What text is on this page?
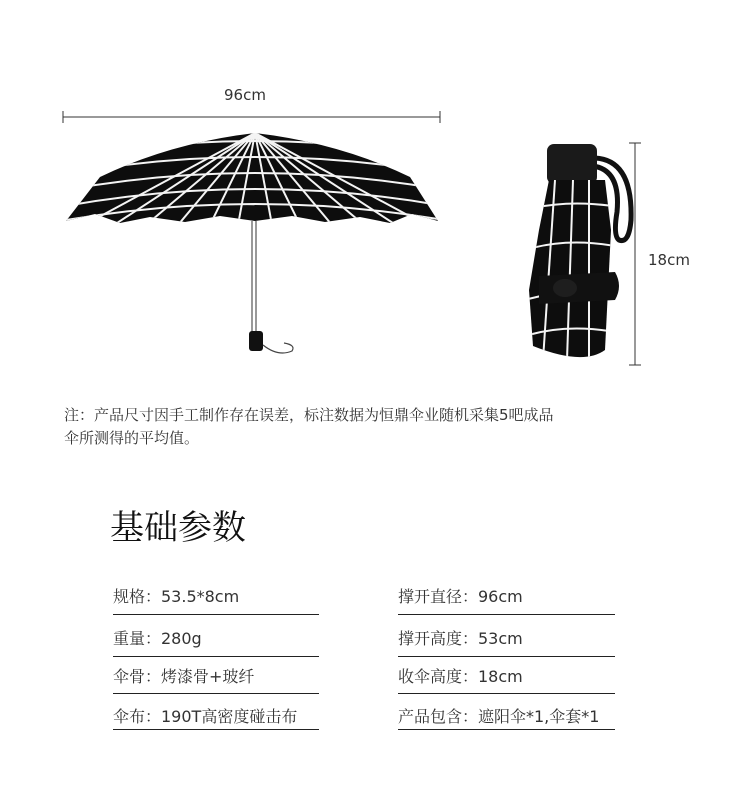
96cm
18cm
注：产品尺寸因手工制作存在误差，标注数据为恒鼎伞业随机采集5吧成品
伞所测得的平均值。
基础参数
规格：53.5*8cm
重量：280g
伞骨：烤漆骨+玻纤
伞布：190T高密度碰击布
撑开直径：96cm
撑开高度：53cm
收伞高度：18cm
产品包含：遮阳伞*1,伞套*1
